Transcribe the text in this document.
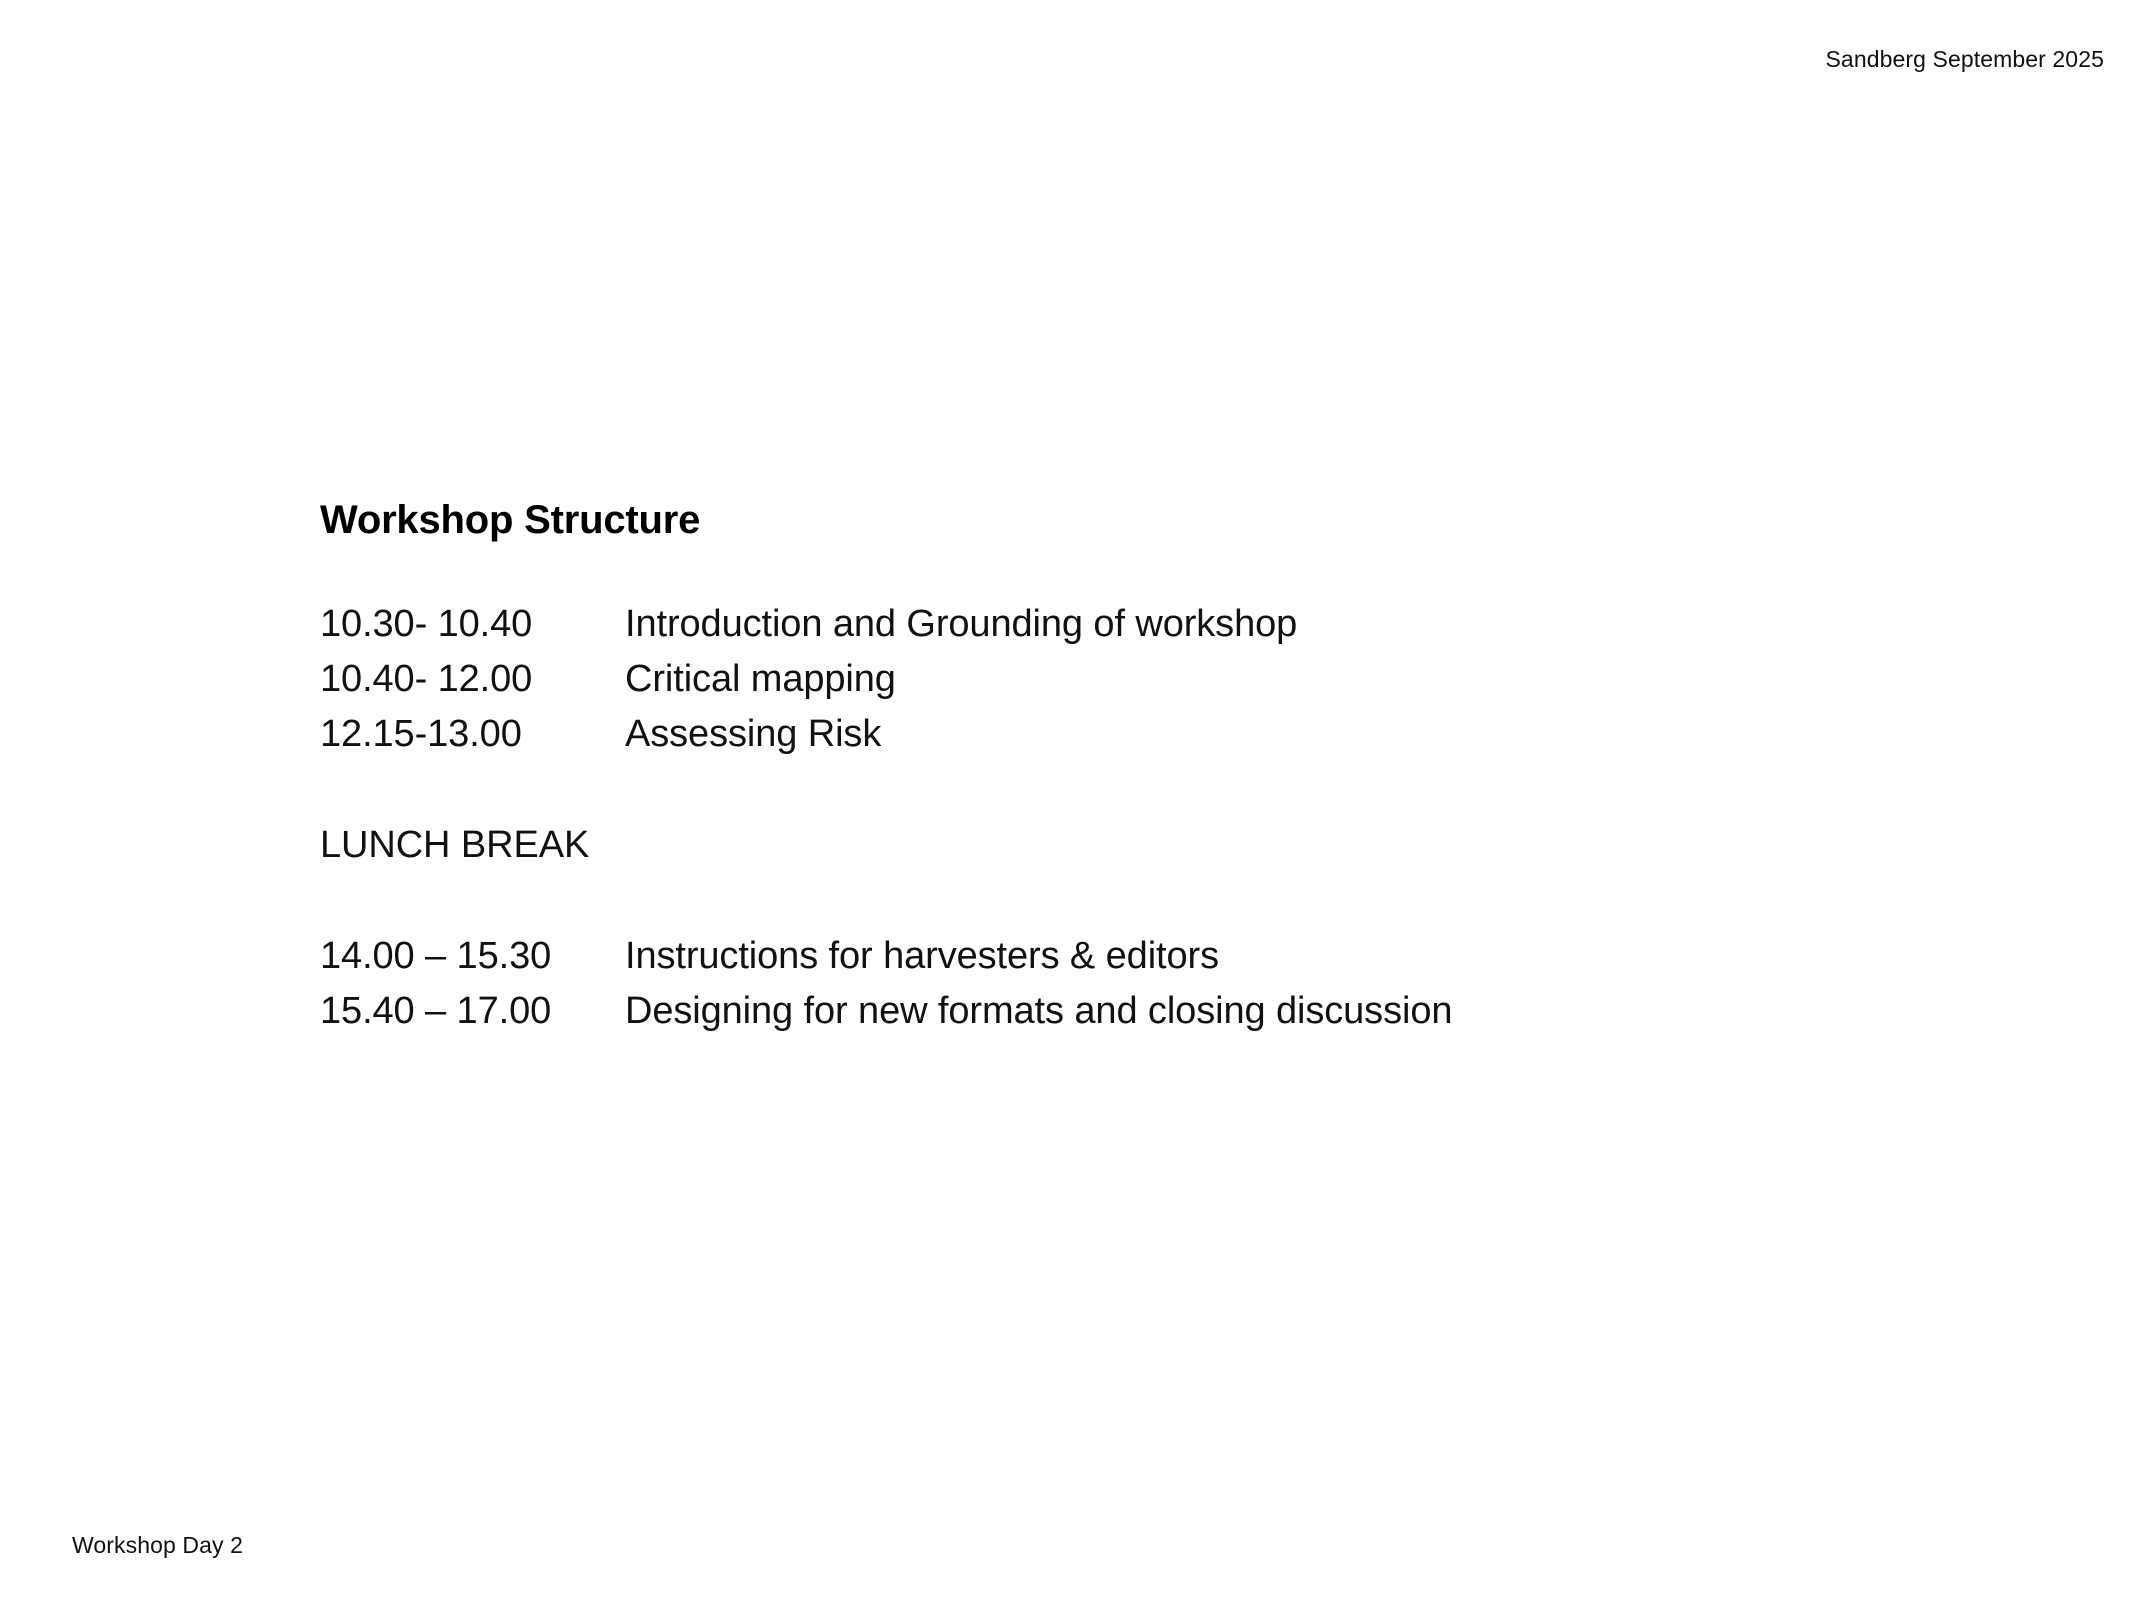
Sandberg September 2025
Workshop Structure
10.30- 10.40	Introduction and Grounding of workshop
10.40- 12.00	Critical mapping
12.15-13.00	Assessing Risk
LUNCH BREAK
14.00 – 15.30	Instructions for harvesters & editors
15.40 – 17.00	Designing for new formats and closing discussion
Workshop Day 2
